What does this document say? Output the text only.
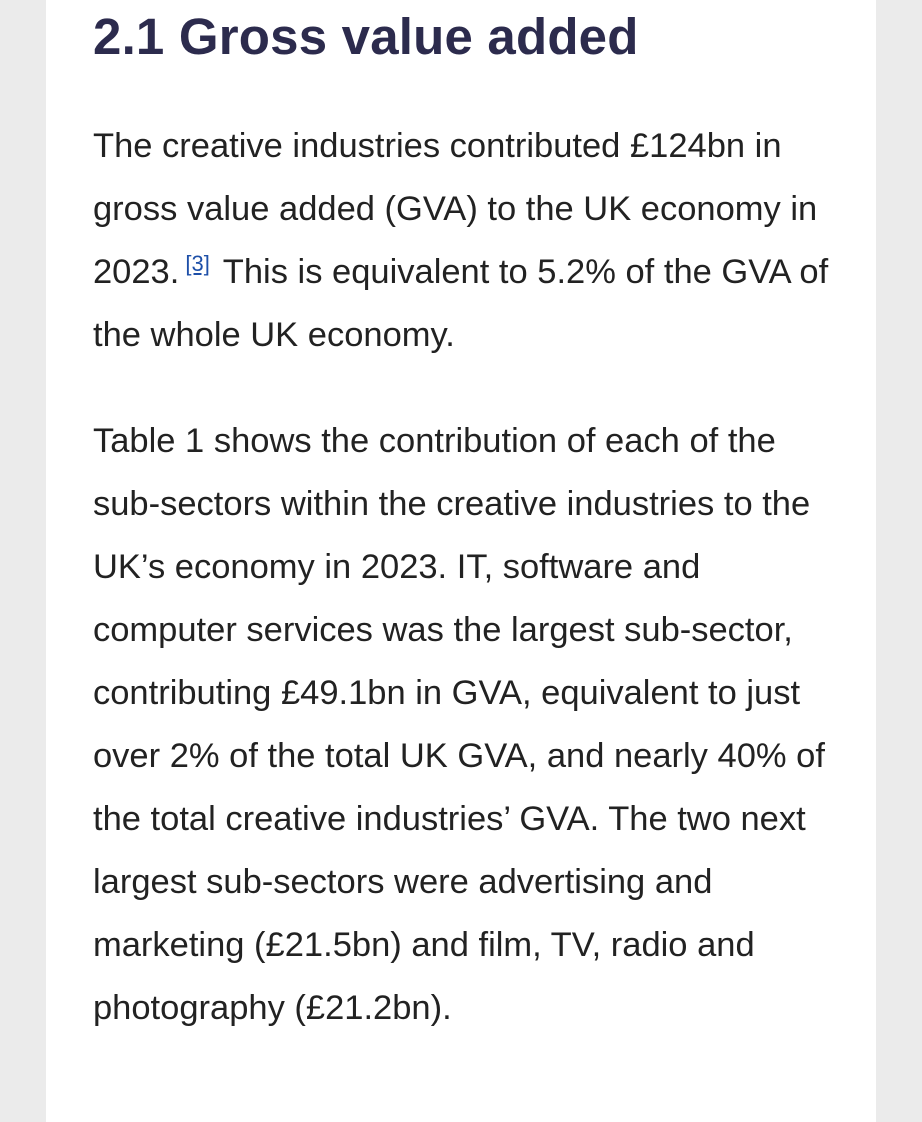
2.1 Gross value added

The creative industries contributed £124bn in gross value added (GVA) to the UK economy in 2023. [3] This is equivalent to 5.2% of the GVA of the whole UK economy.

Table 1 shows the contribution of each of the sub-sectors within the creative industries to the UK’s economy in 2023. IT, software and computer services was the largest sub-sector, contributing £49.1bn in GVA, equivalent to just over 2% of the total UK GVA, and nearly 40% of the total creative industries’ GVA. The two next largest sub-sectors were advertising and marketing (£21.5bn) and film, TV, radio and photography (£21.2bn).
